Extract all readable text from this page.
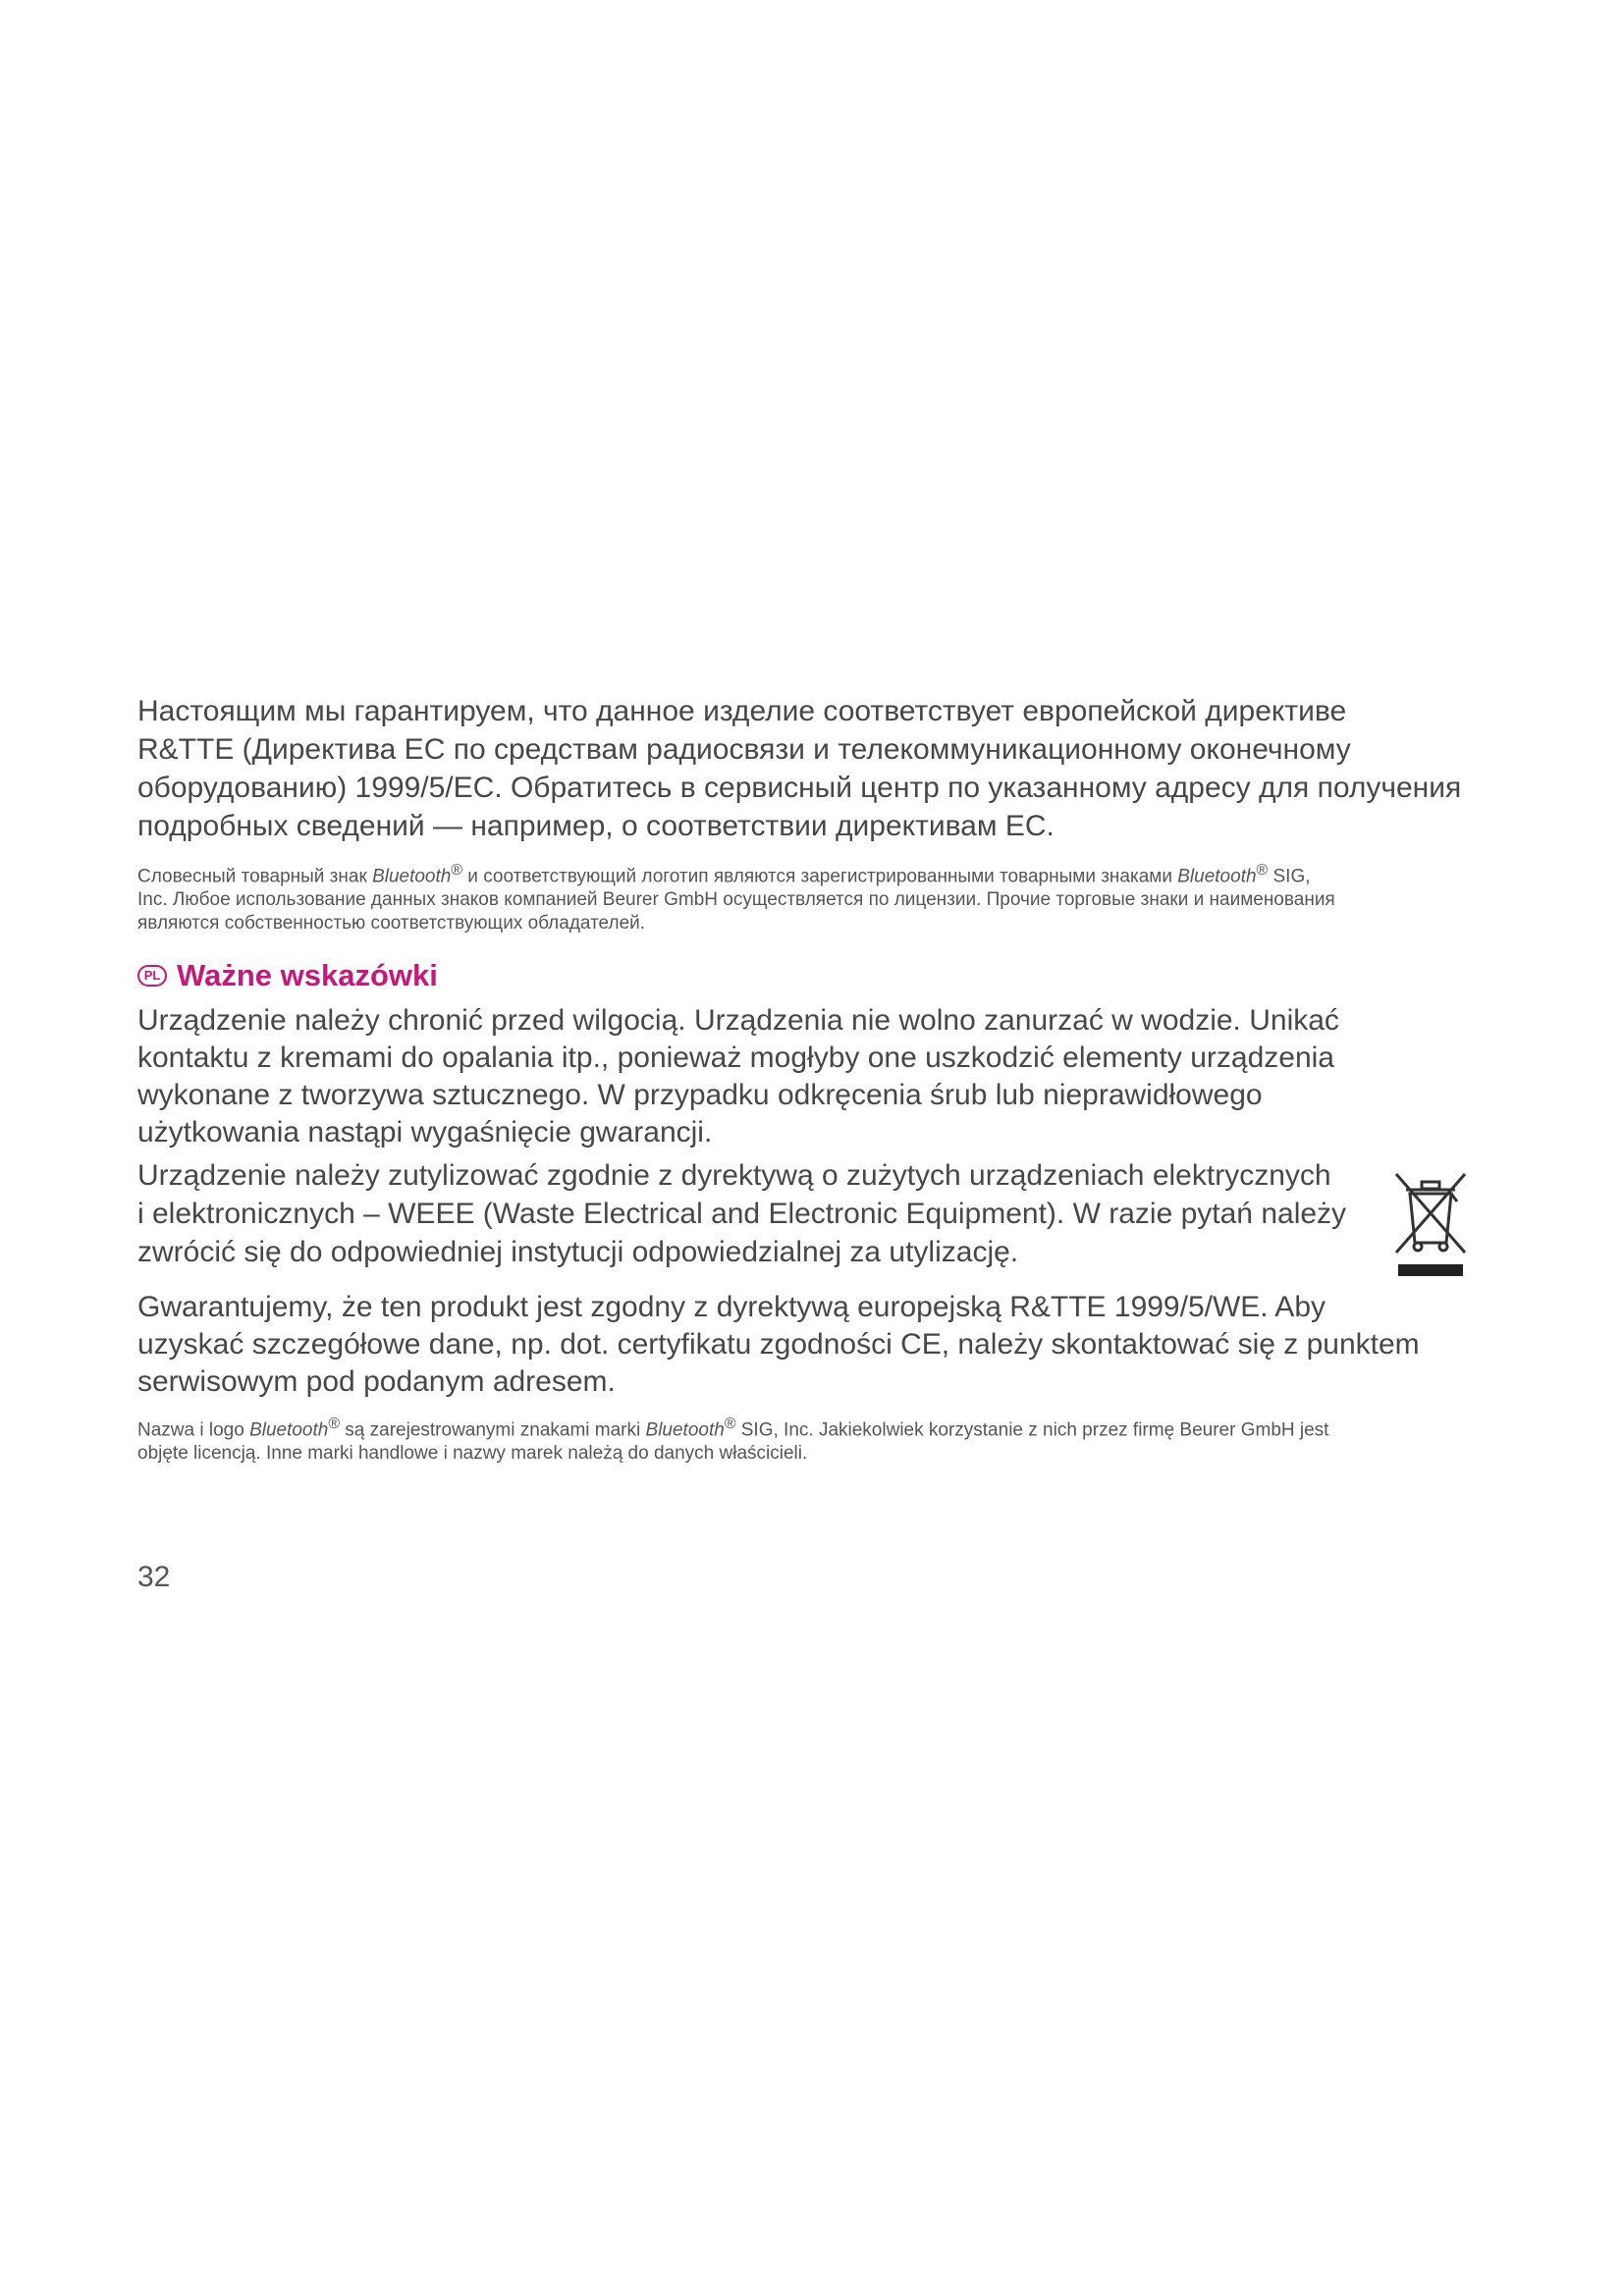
Настоящим мы гарантируем, что данное изделие соответствует европейской директиве
R&TTE (Директива ЕС по средствам радиосвязи и телекоммуникационному оконечному
оборудованию) 1999/5/EC. Обратитесь в сервисный центр по указанному адресу для получения
подробных сведений — например, о соответствии директивам ЕС.
Словесный товарный знак Bluetooth® и соответствующий логотип являются зарегистрированными товарными знаками Bluetooth® SIG,
Inc. Любое использование данных знаков компанией Beurer GmbH осуществляется по лицензии. Прочие торговые знаки и наименования
являются собственностью соответствующих обладателей.
PL Ważne wskazówki
Urządzenie należy chronić przed wilgocią. Urządzenia nie wolno zanurzać w wodzie. Unikać
kontaktu z kremami do opalania itp., ponieważ mogłyby one uszkodzić elementy urządzenia
wykonane z tworzywa sztucznego. W przypadku odkręcenia śrub lub nieprawidłowego
użytkowania nastąpi wygaśnięcie gwarancji.
Urządzenie należy zutylizować zgodnie z dyrektywą o zużytych urządzeniach elektrycznych
i elektronicznych – WEEE (Waste Electrical and Electronic Equipment). W razie pytań należy
zwrócić się do odpowiedniej instytucji odpowiedzialnej za utylizację.
Gwarantujemy, że ten produkt jest zgodny z dyrektywą europejską R&TTE 1999/5/WE. Aby
uzyskać szczegółowe dane, np. dot. certyfikatu zgodności CE, należy skontaktować się z punktem
serwisowym pod podanym adresem.
Nazwa i logo Bluetooth® są zarejestrowanymi znakami marki Bluetooth® SIG, Inc. Jakiekolwiek korzystanie z nich przez firmę Beurer GmbH jest
objęte licencją. Inne marki handlowe i nazwy marek należą do danych właścicieli.
32
